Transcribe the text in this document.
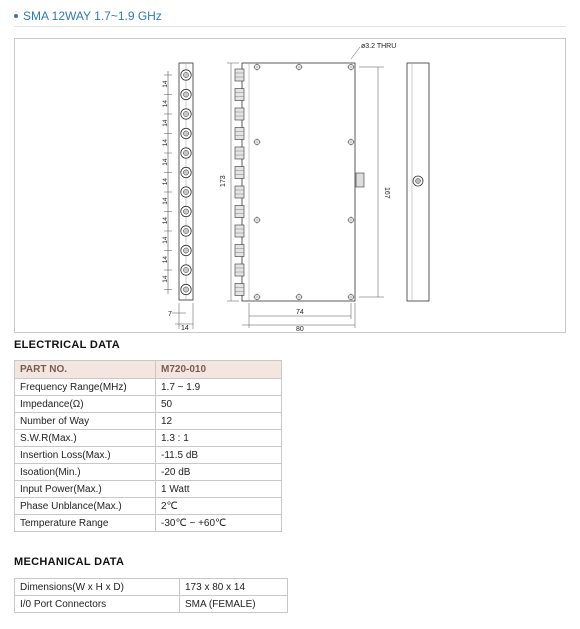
SMA 12WAY 1.7~1.9 GHz
14
14
14
14
14
14
14
14
14
14
14
7
14
173
167
ø3.2 THRU
74
80
ELECTRICAL DATA
PART NO.	M720-010
Frequency Range(MHz)	1.7 ~ 1.9
Impedance(Ω)	50
Number of Way	12
S.W.R(Max.)	1.3 : 1
Insertion Loss(Max.)	-11.5 dB
Isoation(Min.)	-20 dB
Input Power(Max.)	1 Watt
Phase Unblance(Max.)	2℃
Temperature Range	-30℃ ~ +60℃
MECHANICAL DATA
Dimensions(W x H x D)	173 x 80 x 14
I/0 Port Connectors	SMA (FEMALE)
